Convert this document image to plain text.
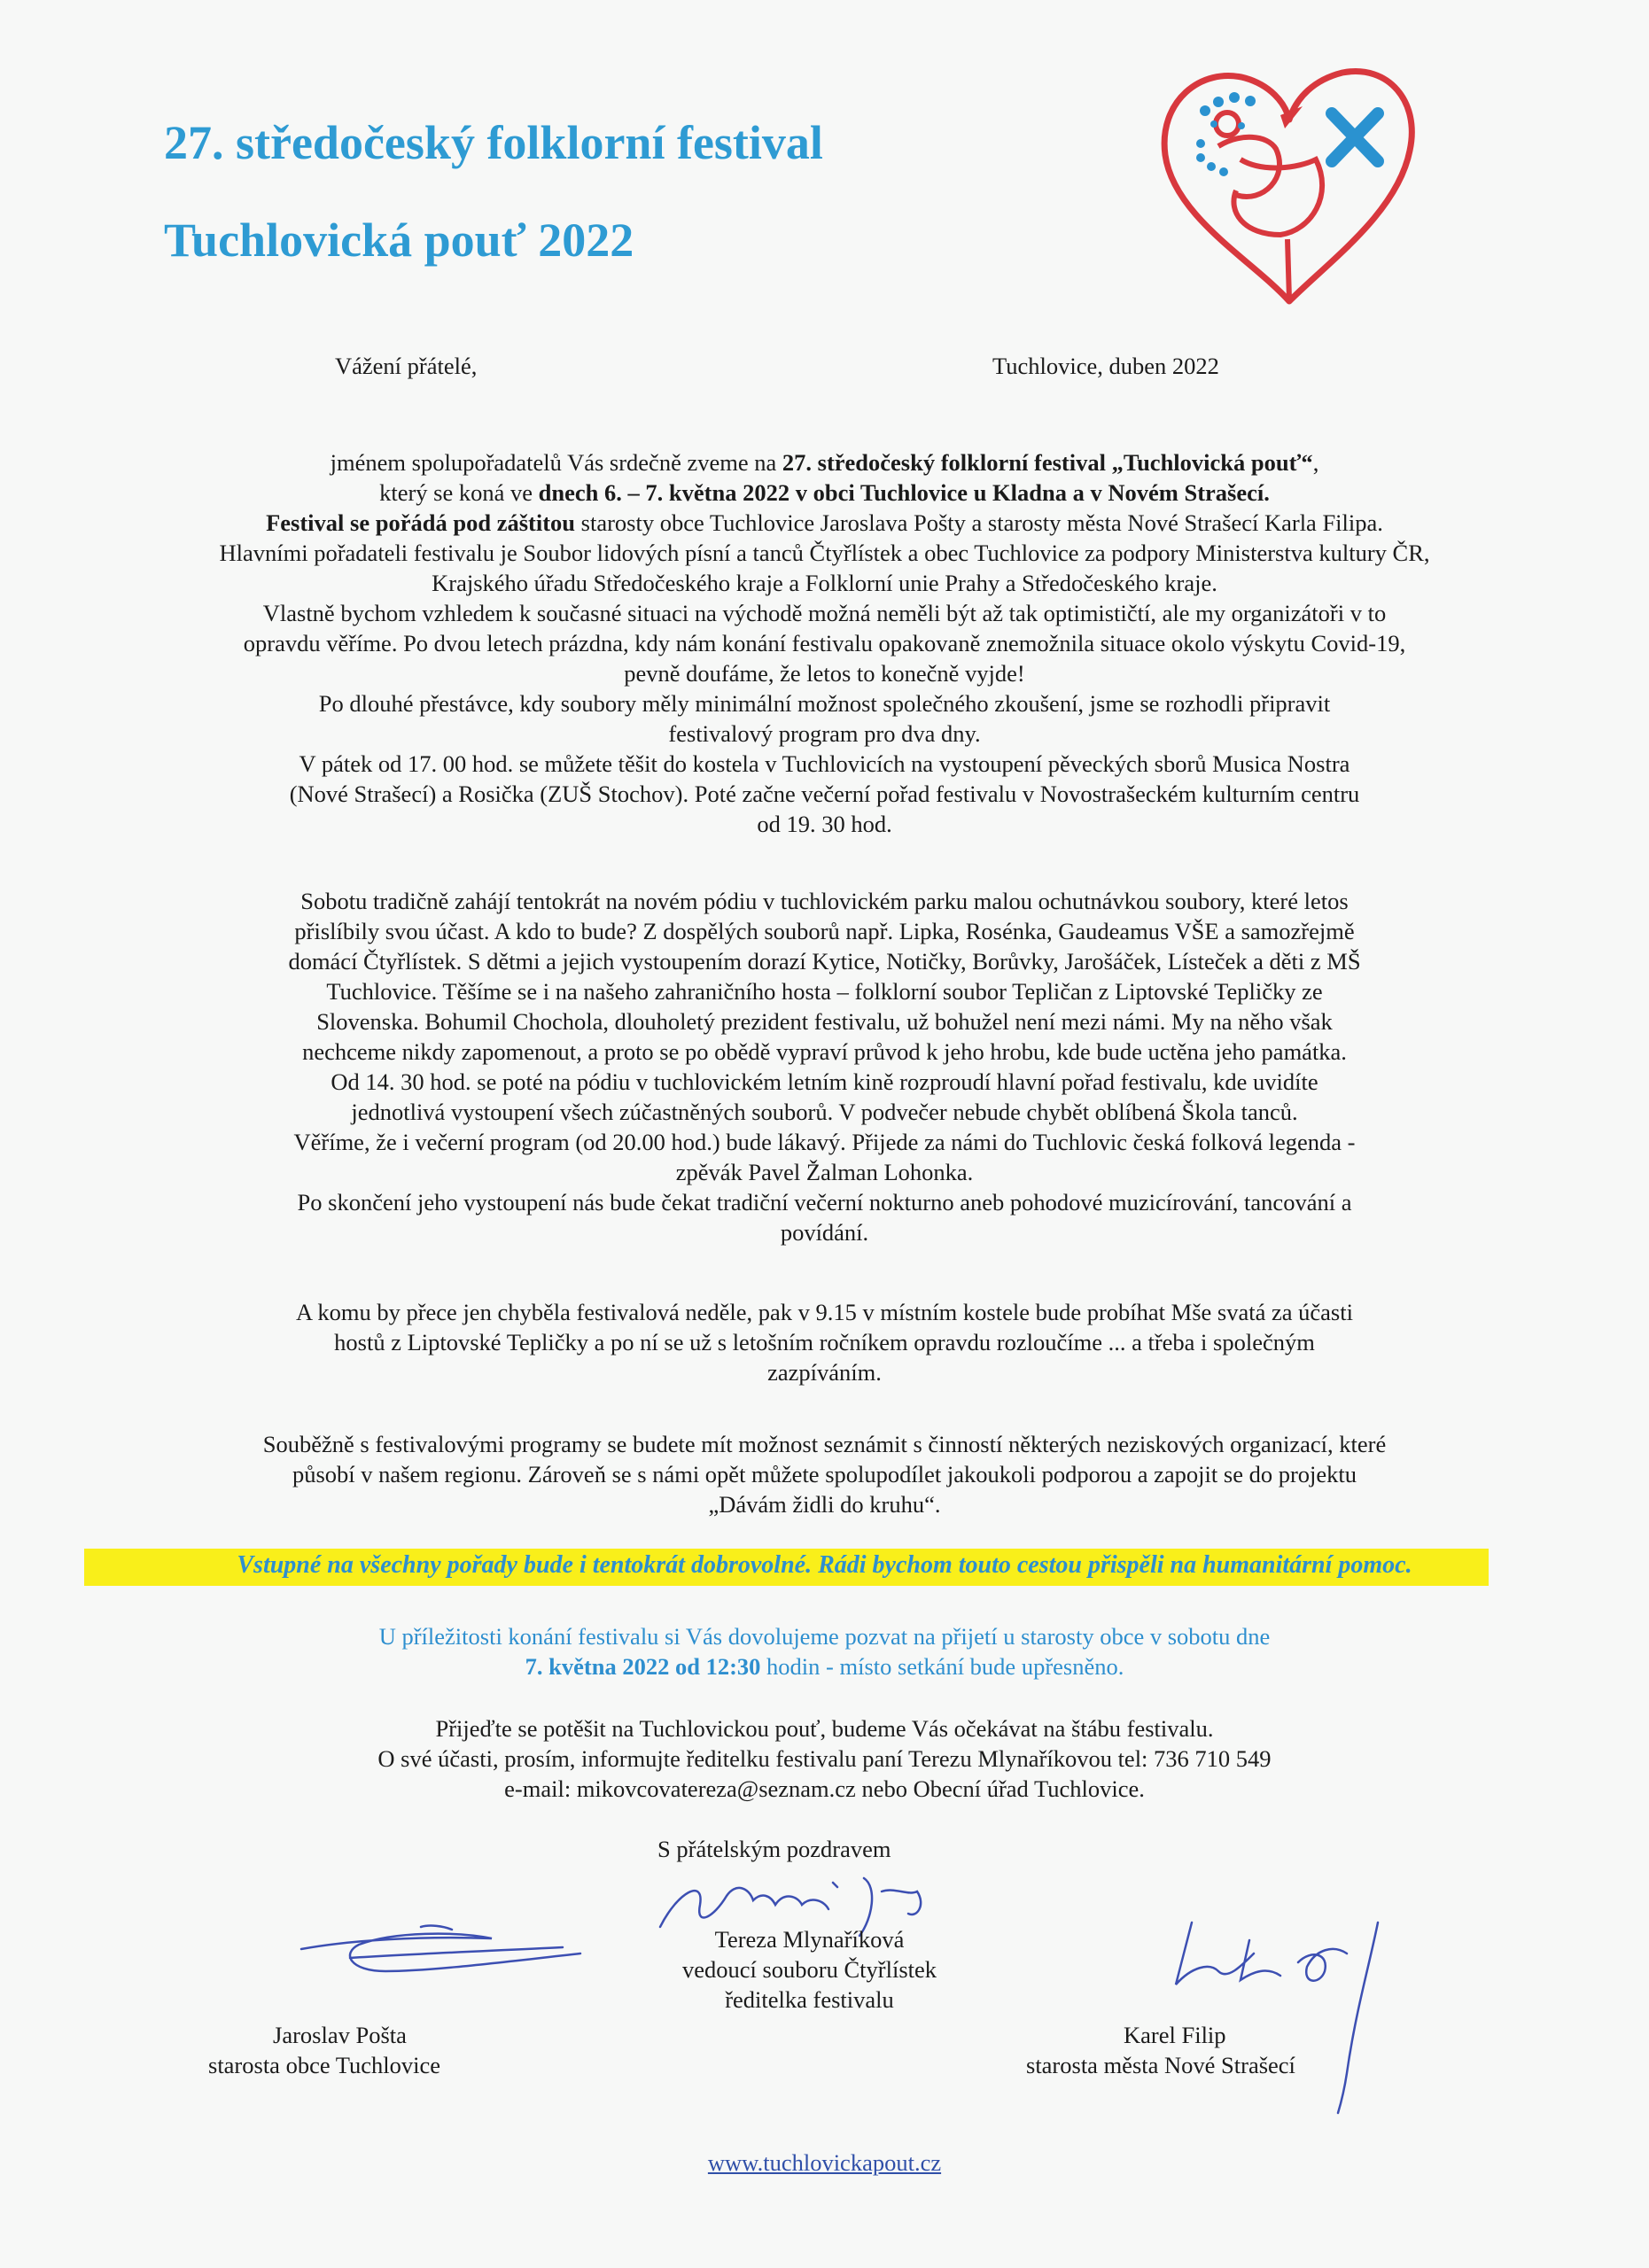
27. středočeský folklorní festival
Tuchlovická pouť 2022
Vážení přátelé,	Tuchlovice, duben 2022
jménem spolupořadatelů Vás srdečně zveme na 27. středočeský folklorní festival „Tuchlovická pouť“,
který se koná ve dnech 6. – 7. května 2022 v obci Tuchlovice u Kladna a v Novém Strašecí.
Festival se pořádá pod záštitou starosty obce Tuchlovice Jaroslava Pošty a starosty města Nové Strašecí Karla Filipa.
Hlavními pořadateli festivalu je Soubor lidových písní a tanců Čtyřlístek a obec Tuchlovice za podpory Ministerstva kultury ČR,
Krajského úřadu Středočeského kraje a Folklorní unie Prahy a Středočeského kraje.
Vlastně bychom vzhledem k současné situaci na východě možná neměli být až tak optimističtí, ale my organizátoři v to
opravdu věříme. Po dvou letech prázdna, kdy nám konání festivalu opakovaně znemožnila situace okolo výskytu Covid-19,
pevně doufáme, že letos to konečně vyjde!
Po dlouhé přestávce, kdy soubory měly minimální možnost společného zkoušení, jsme se rozhodli připravit
festivalový program pro dva dny.
V pátek od 17. 00 hod. se můžete těšit do kostela v Tuchlovicích na vystoupení pěveckých sborů Musica Nostra
(Nové Strašecí) a Rosička (ZUŠ Stochov). Poté začne večerní pořad festivalu v Novostrašeckém kulturním centru
od 19. 30 hod.
Sobotu tradičně zahájí tentokrát na novém pódiu v tuchlovickém parku malou ochutnávkou soubory, které letos
přislíbily svou účast. A kdo to bude? Z dospělých souborů např. Lipka, Rosénka, Gaudeamus VŠE a samozřejmě
domácí Čtyřlístek. S dětmi a jejich vystoupením dorazí Kytice, Notičky, Borůvky, Jarošáček, Lísteček a děti z MŠ
Tuchlovice. Těšíme se i na našeho zahraničního hosta – folklorní soubor Tepličan z Liptovské Tepličky ze
Slovenska. Bohumil Chochola, dlouholetý prezident festivalu, už bohužel není mezi námi. My na něho však
nechceme nikdy zapomenout, a proto se po obědě vypraví průvod k jeho hrobu, kde bude uctěna jeho památka.
Od 14. 30 hod. se poté na pódiu v tuchlovickém letním kině rozproudí hlavní pořad festivalu, kde uvidíte
jednotlivá vystoupení všech zúčastněných souborů. V podvečer nebude chybět oblíbená Škola tanců.
Věříme, že i večerní program (od 20.00 hod.) bude lákavý. Přijede za námi do Tuchlovic česká folková legenda -
zpěvák Pavel Žalman Lohonka.
Po skončení jeho vystoupení nás bude čekat tradiční večerní nokturno aneb pohodové muzicírování, tancování a
povídání.
A komu by přece jen chyběla festivalová neděle, pak v 9.15 v místním kostele bude probíhat Mše svatá za účasti
hostů z Liptovské Tepličky a po ní se už s letošním ročníkem opravdu rozloučíme ... a třeba i společným
zazpíváním.
Souběžně s festivalovými programy se budete mít možnost seznámit s činností některých neziskových organizací, které
působí v našem regionu. Zároveň se s námi opět můžete spolupodílet jakoukoli podporou a zapojit se do projektu
„Dávám židli do kruhu“.
Vstupné na všechny pořady bude i tentokrát dobrovolné. Rádi bychom touto cestou přispěli na humanitární pomoc.
U příležitosti konání festivalu si Vás dovolujeme pozvat na přijetí u starosty obce v sobotu dne
7. května 2022 od 12:30 hodin - místo setkání bude upřesněno.
Přijeďte se potěšit na Tuchlovickou pouť, budeme Vás očekávat na štábu festivalu.
O své účasti, prosím, informujte ředitelku festivalu paní Terezu Mlynaříkovou tel: 736 710 549
e-mail: mikovcovatereza@seznam.cz nebo Obecní úřad Tuchlovice.
S přátelským pozdravem
Tereza Mlynaříková
vedoucí souboru Čtyřlístek
ředitelka festivalu
Jaroslav Pošta
starosta obce Tuchlovice
Karel Filip
starosta města Nové Strašecí
www.tuchlovickapout.cz
